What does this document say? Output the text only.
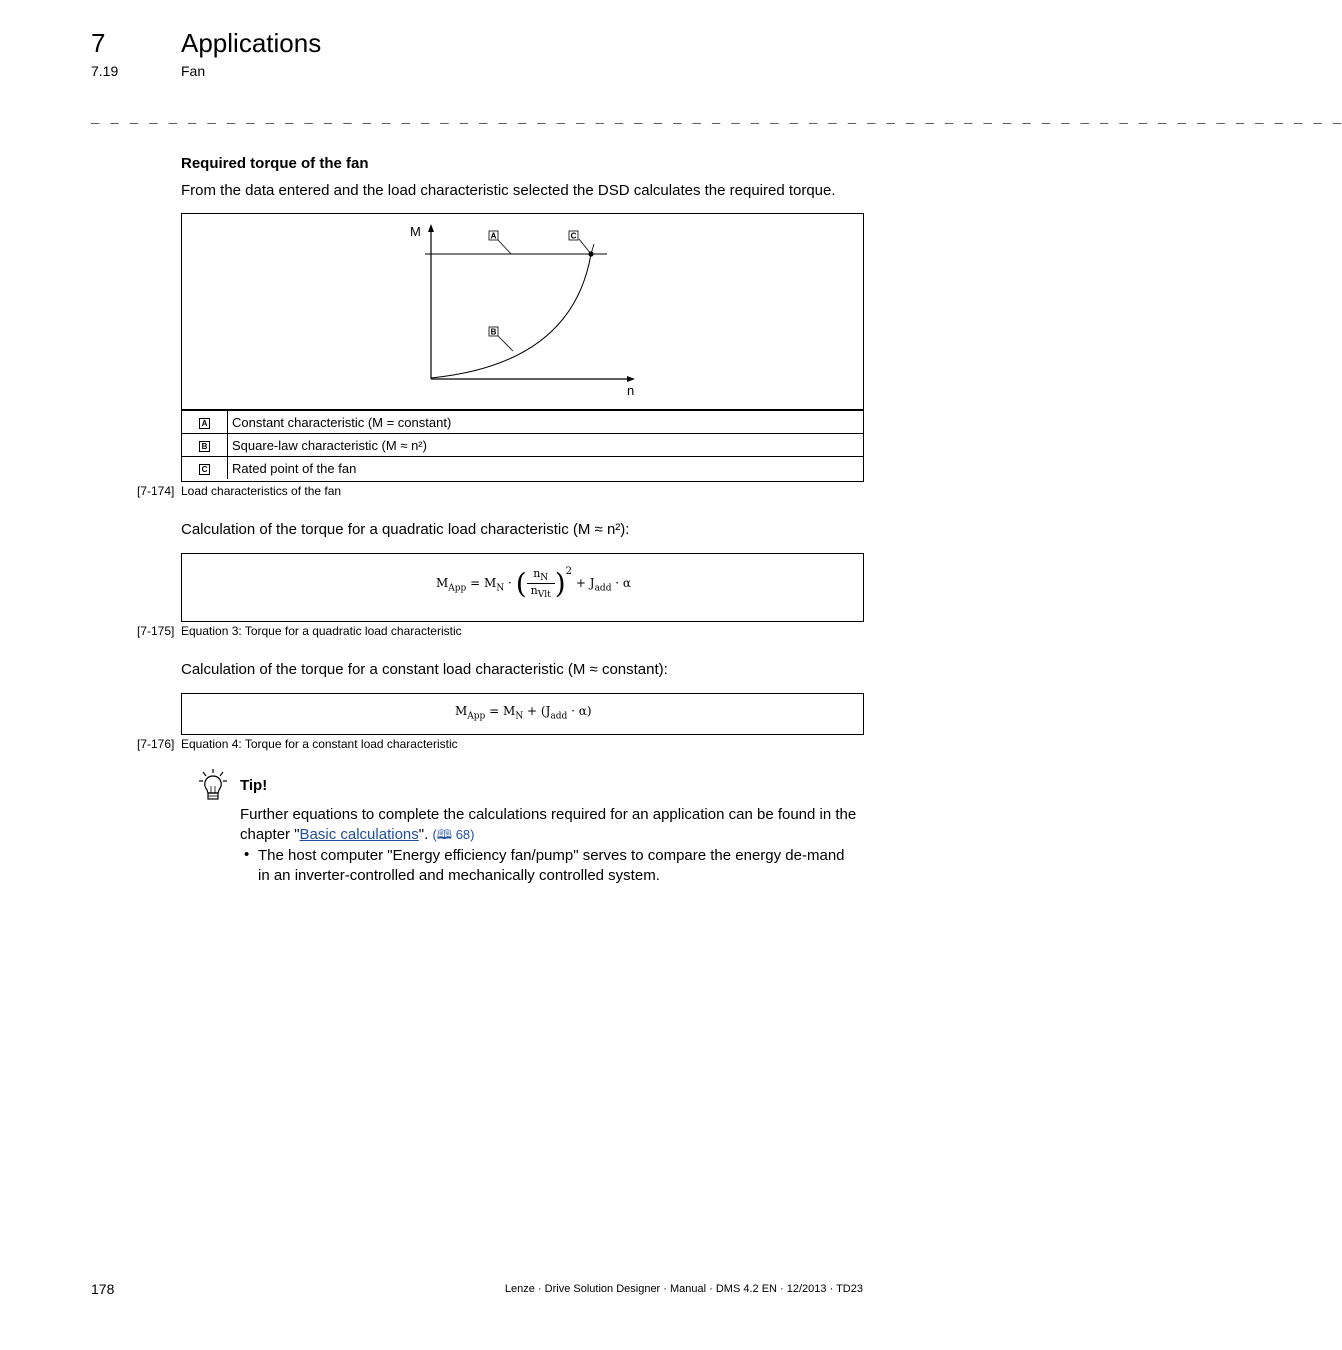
7	Applications
7.19	Fan
_ _ _ _ _ _ _ _ _ _ _ _ _ _ _ _ _ _ _ _ _ _ _ _ _ _ _ _ _ _ _ _ _ _ _ _ _ _ _ _ _ _ _ _ _ _ _ _ _ _ _ _ _ _ _ _ _ _ _ _ _ _ _ _ _
Required torque of the fan
From the data entered and the load characteristic selected the DSD calculates the required torque.
A
B
C
M
n
A	Constant characteristic (M = constant)
B	Square-law characteristic (M ≈ n²)
C	Rated point of the fan
[7-174] Load characteristics of the fan
Calculation of the torque for a quadratic load characteristic (M ≈ n²):
$M_{App} = M_N$ · ( $\frac{n_N}{n_{Vlt}} )^2 + J_{add} \cdot \alpha$
[7-175] Equation 3: Torque for a quadratic load characteristic
Calculation of the torque for a constant load characteristic (M ≈ constant):
$M_{App} = M_N + (J_{add} \cdot \alpha)$
[7-176] Equation 4: Torque for a constant load characteristic
Tip!
Further equations to complete the calculations required for an application can be found in the chapter "Basic calculations". (🕮 68)
• The host computer "Energy efficiency fan/pump" serves to compare the energy de-mand in an inverter-controlled and mechanically controlled system.
178	Lenze · Drive Solution Designer · Manual · DMS 4.2 EN · 12/2013 · TD23
